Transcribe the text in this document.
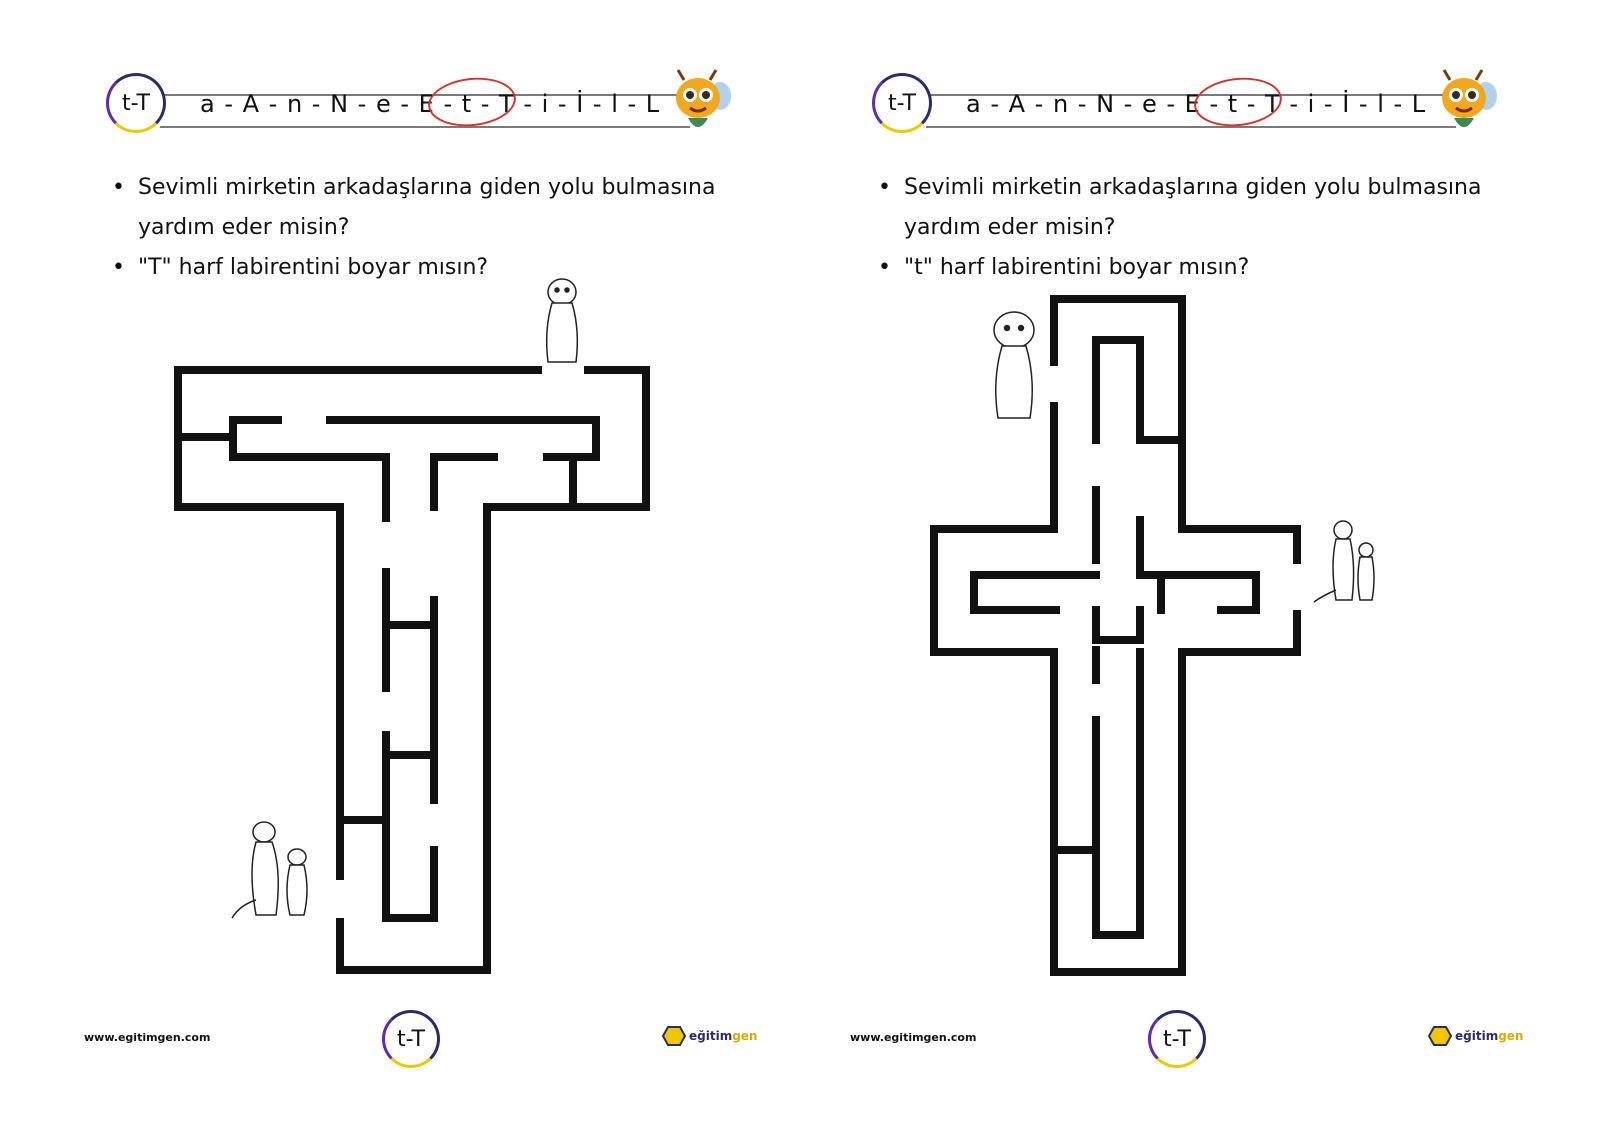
t-T	a - A - n - N - e - E - t - T - i - İ - l - L
• Sevimli mirketin arkadaşlarına giden yolu bulmasına
yardım eder misin?
• "T" harf labirentini boyar mısın?
www.egitimgen.com	t-T	eğitimgen
t-T	a - A - n - N - e - E - t - T - i - İ - l - L
• Sevimli mirketin arkadaşlarına giden yolu bulmasına
yardım eder misin?
• "t" harf labirentini boyar mısın?
www.egitimgen.com	t-T	eğitimgen
